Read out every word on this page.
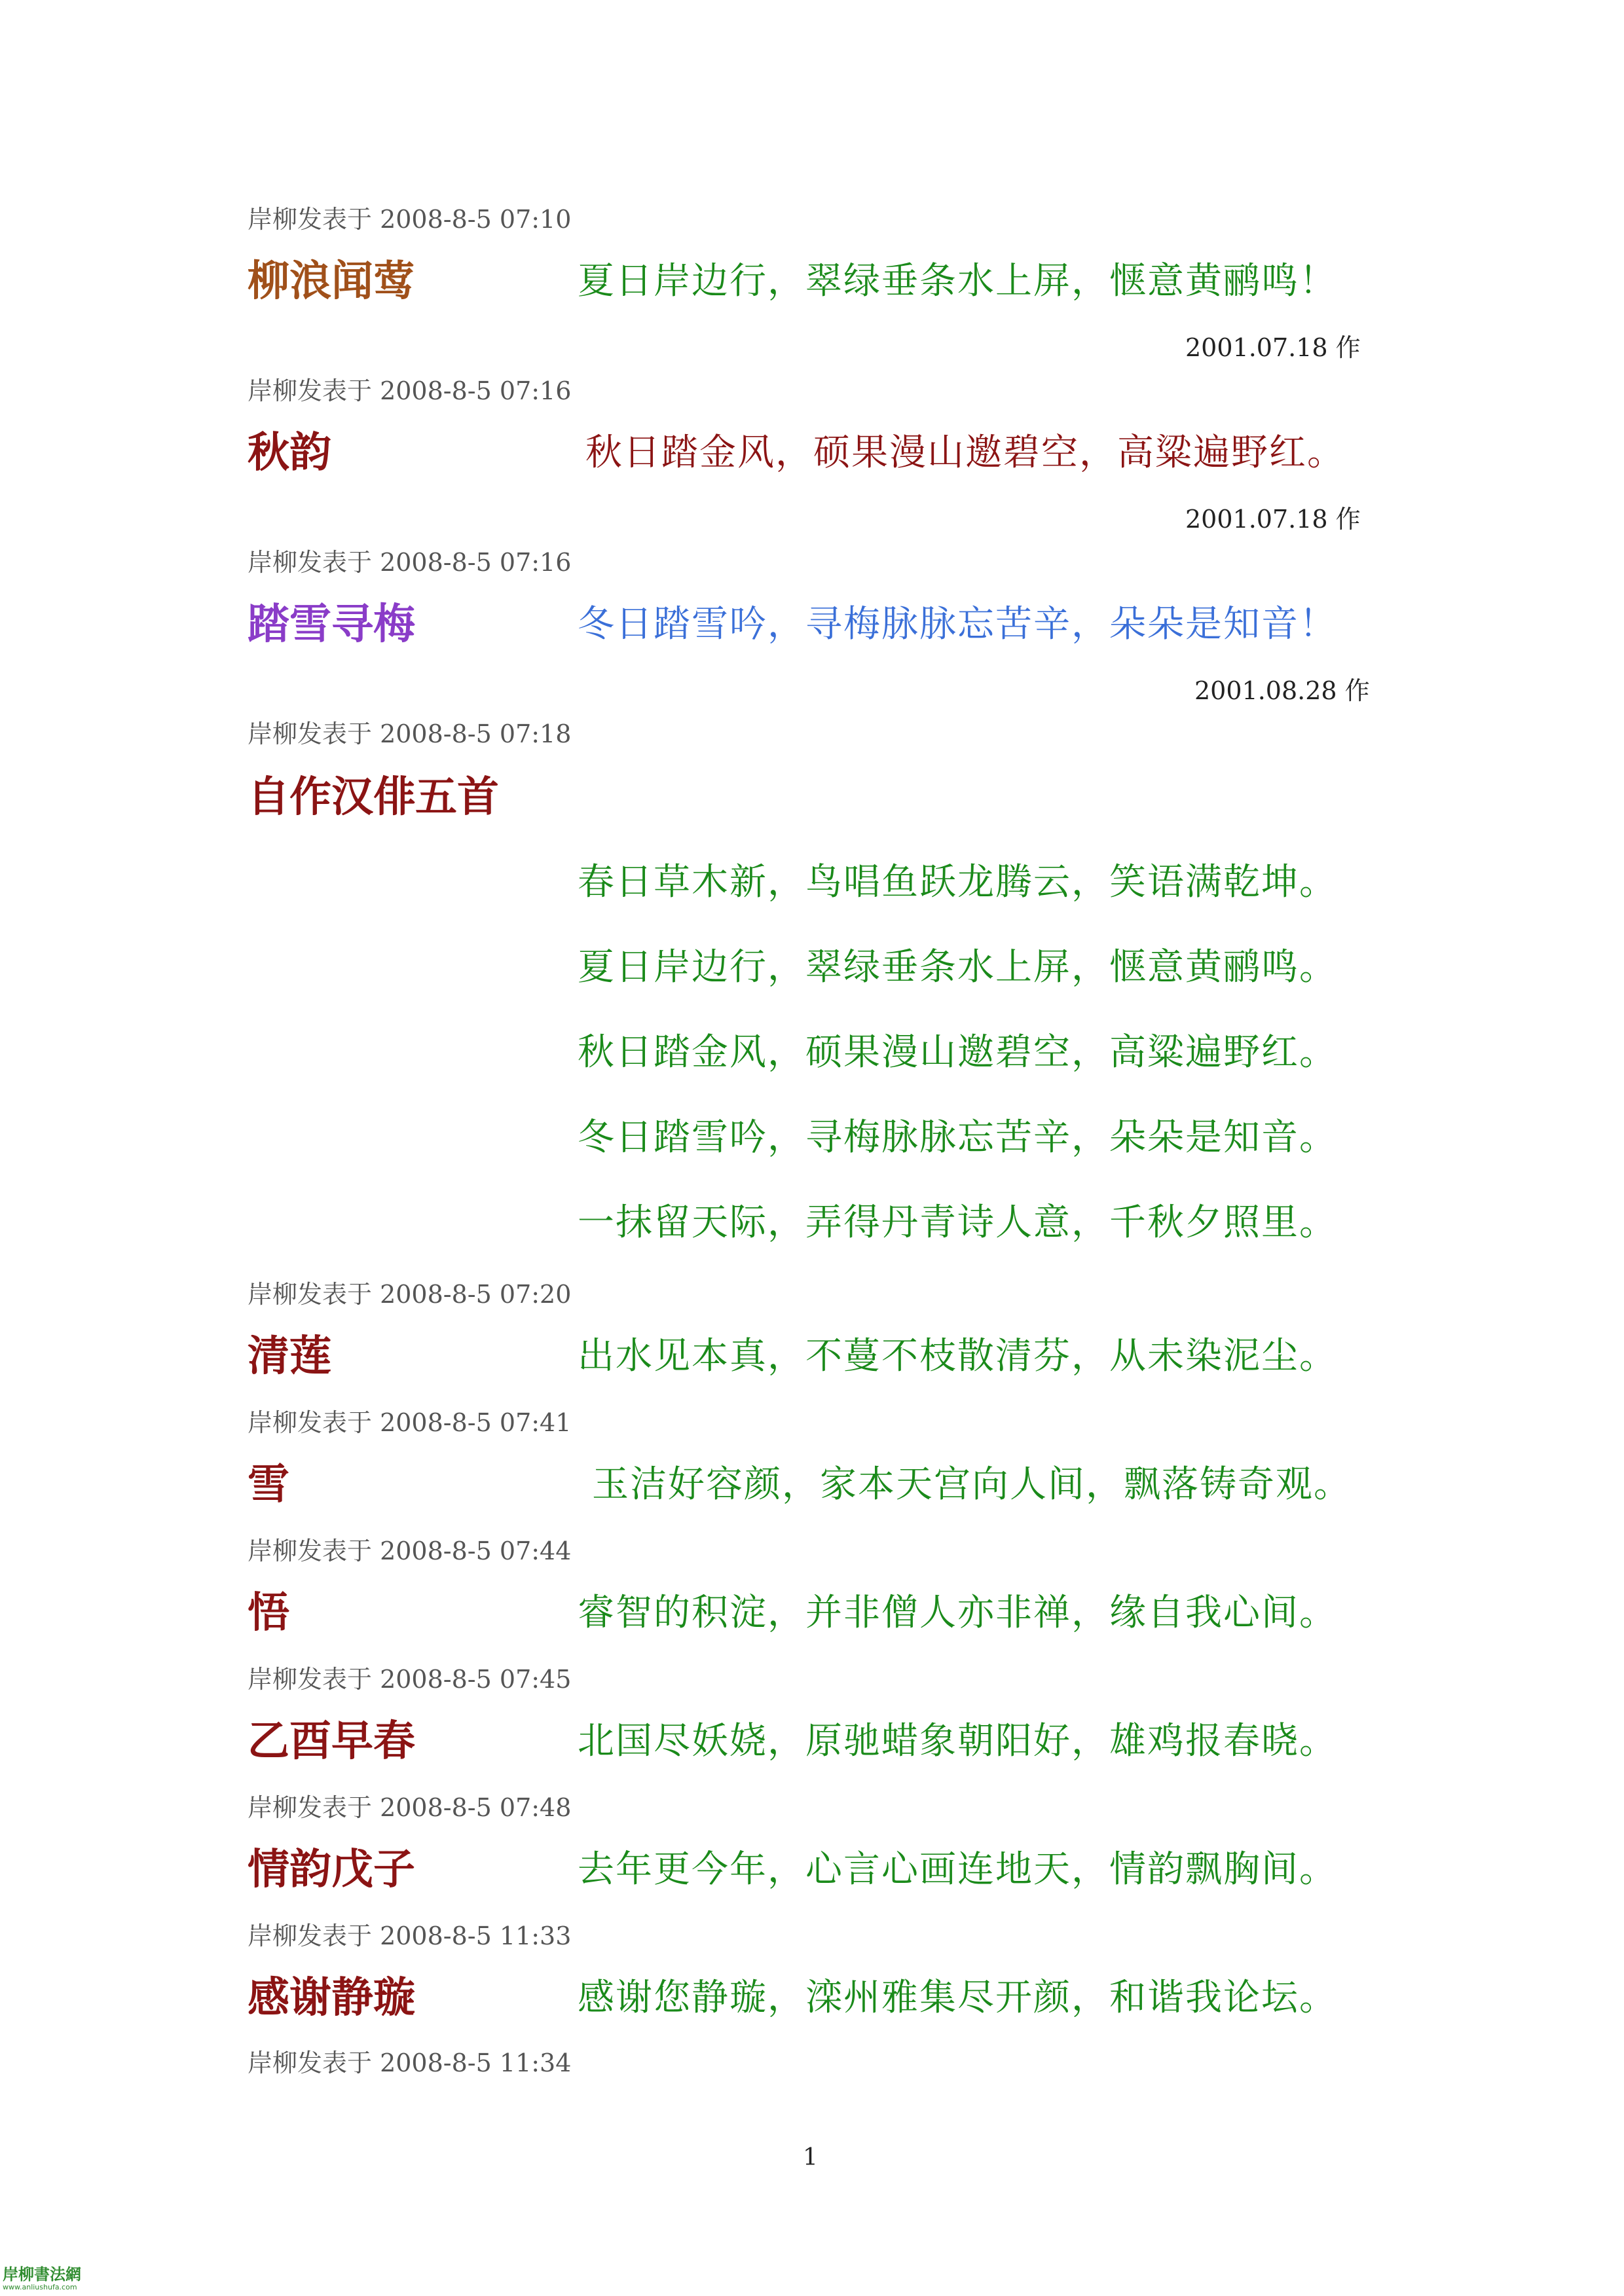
岸柳发表于 2008-8-5 07:10
柳浪闻莺	夏日岸边行，翠绿垂条水上屏，惬意黄鹂鸣！
2001.07.18 作
岸柳发表于 2008-8-5 07:16
秋韵	秋日踏金风，硕果漫山邀碧空，高粱遍野红。
2001.07.18 作
岸柳发表于 2008-8-5 07:16
踏雪寻梅	冬日踏雪吟，寻梅脉脉忘苦辛，朵朵是知音！
2001.08.28 作
岸柳发表于 2008-8-5 07:18
自作汉俳五首
春日草木新，鸟唱鱼跃龙腾云，笑语满乾坤。
夏日岸边行，翠绿垂条水上屏，惬意黄鹂鸣。
秋日踏金风，硕果漫山邀碧空，高粱遍野红。
冬日踏雪吟，寻梅脉脉忘苦辛，朵朵是知音。
一抹留天际，弄得丹青诗人意，千秋夕照里。
岸柳发表于 2008-8-5 07:20
清莲	出水见本真，不蔓不枝散清芬，从未染泥尘。
岸柳发表于 2008-8-5 07:41
雪	玉洁好容颜，家本天宫向人间，飘落铸奇观。
岸柳发表于 2008-8-5 07:44
悟	睿智的积淀，并非僧人亦非禅，缘自我心间。
岸柳发表于 2008-8-5 07:45
乙酉早春	北国尽妖娆，原驰蜡象朝阳好，雄鸡报春晓。
岸柳发表于 2008-8-5 07:48
情韵戊子	去年更今年，心言心画连地天，情韵飘胸间。
岸柳发表于 2008-8-5 11:33
感谢静璇	感谢您静璇，滦州雅集尽开颜，和谐我论坛。
岸柳发表于 2008-8-5 11:34
1
岸柳書法網
www.anliushufa.com
